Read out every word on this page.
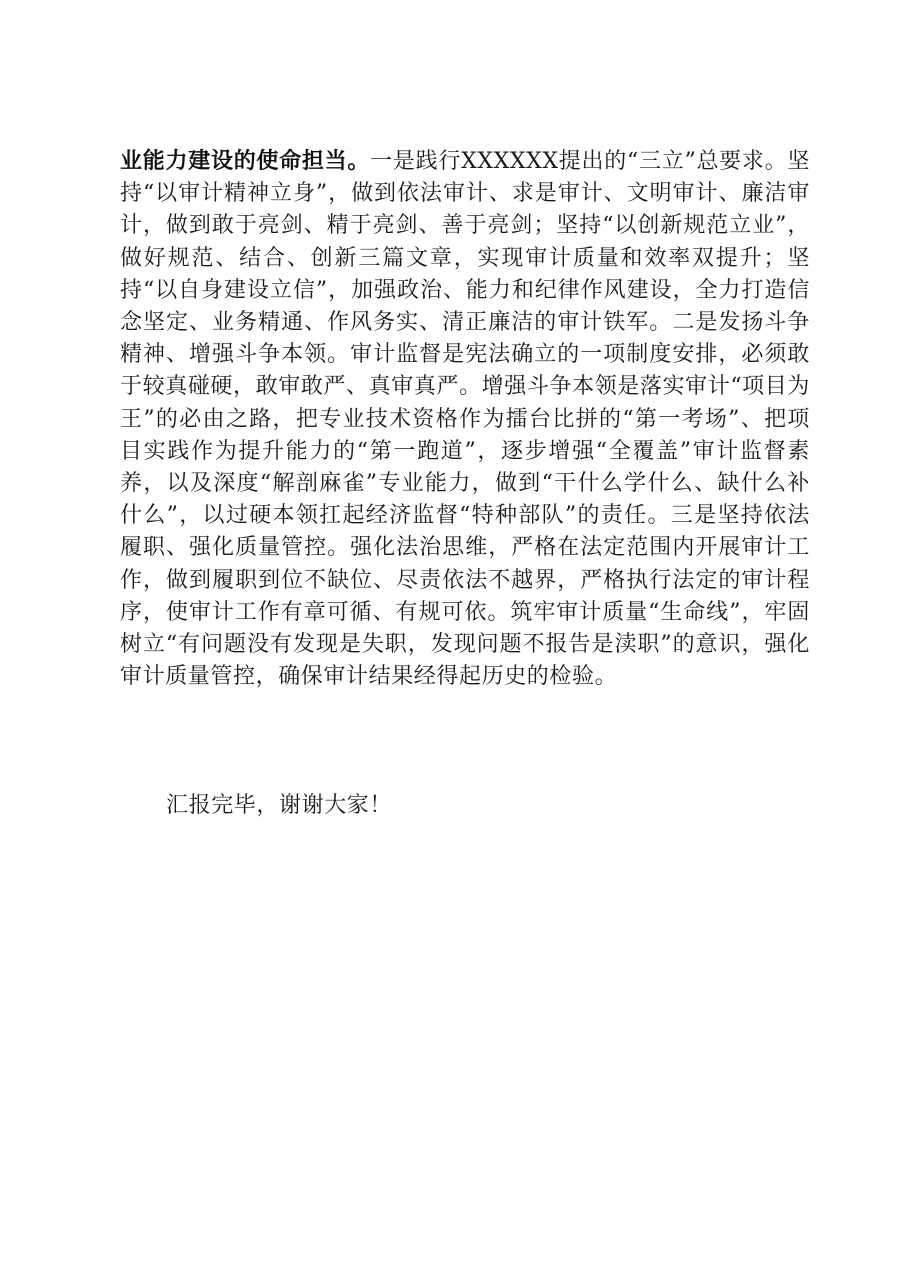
业能力建设的使命担当。一是践行XXXXXX提出的“三立”总要求。坚持“以审计精神立身”，做到依法审计、求是审计、文明审计、廉洁审计，做到敢于亮剑、精于亮剑、善于亮剑；坚持“以创新规范立业”，做好规范、结合、创新三篇文章，实现审计质量和效率双提升；坚持“以自身建设立信”，加强政治、能力和纪律作风建设，全力打造信念坚定、业务精通、作风务实、清正廉洁的审计铁军。二是发扬斗争精神、增强斗争本领。审计监督是宪法确立的一项制度安排，必须敢于较真碰硬，敢审敢严、真审真严。增强斗争本领是落实审计“项目为王”的必由之路，把专业技术资格作为擂台比拼的“第一考场”、把项目实践作为提升能力的“第一跑道”，逐步增强“全覆盖”审计监督素养，以及深度“解剖麻雀”专业能力，做到“干什么学什么、缺什么补什么”，以过硬本领扛起经济监督“特种部队”的责任。三是坚持依法履职、强化质量管控。强化法治思维，严格在法定范围内开展审计工作，做到履职到位不缺位、尽责依法不越界，严格执行法定的审计程序，使审计工作有章可循、有规可依。筑牢审计质量“生命线”，牢固树立“有问题没有发现是失职，发现问题不报告是渎职”的意识，强化审计质量管控，确保审计结果经得起历史的检验。

汇报完毕，谢谢大家！
